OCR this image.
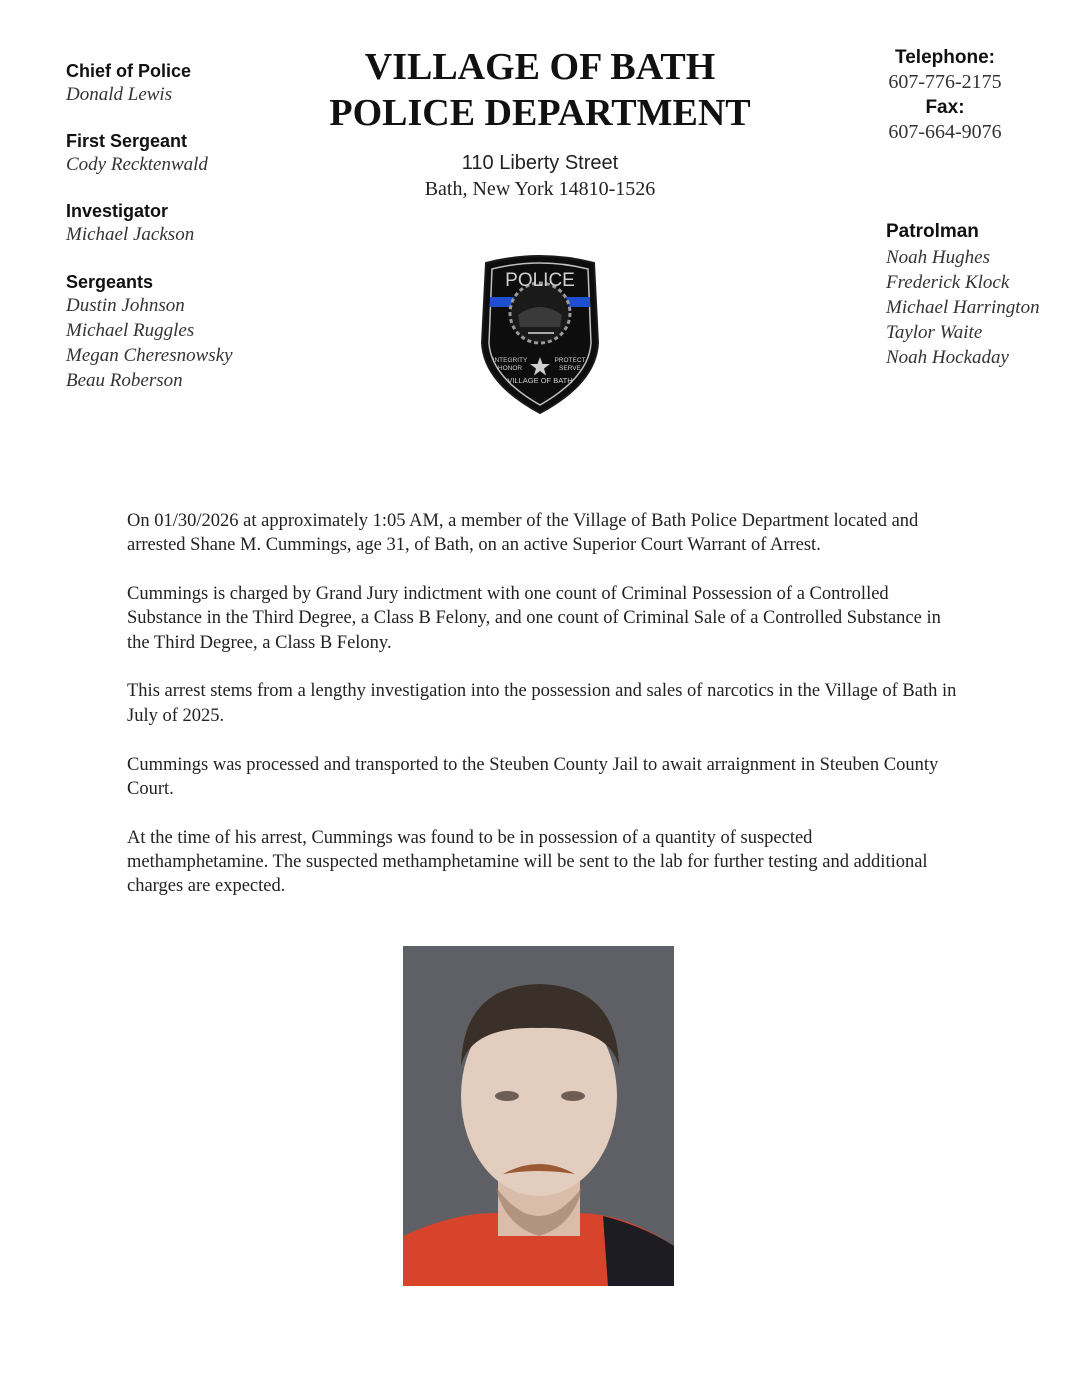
Chief of Police
Donald Lewis
First Sergeant
Cody Recktenwald
Investigator
Michael Jackson
Sergeants
Dustin Johnson
Michael Ruggles
Megan Cheresnowsky
Beau Roberson
VILLAGE OF BATH
POLICE DEPARTMENT
110 Liberty Street
Bath, New York 14810-1526
POLICE
INTEGRITY
HONOR
PROTECT
SERVE
VILLAGE OF BATH
Telephone:
607-776-2175
Fax:
607-664-9076
Patrolman
Noah Hughes
Frederick Klock
Michael Harrington
Taylor Waite
Noah Hockaday

On 01/30/2026 at approximately 1:05 AM, a member of the Village of Bath Police Department located and arrested Shane M. Cummings, age 31, of Bath, on an active Superior Court Warrant of Arrest.

Cummings is charged by Grand Jury indictment with one count of Criminal Possession of a Controlled Substance in the Third Degree, a Class B Felony, and one count of Criminal Sale of a Controlled Substance in the Third Degree, a Class B Felony.

This arrest stems from a lengthy investigation into the possession and sales of narcotics in the Village of Bath in July of 2025.

Cummings was processed and transported to the Steuben County Jail to await arraignment in Steuben County Court.

At the time of his arrest, Cummings was found to be in possession of a quantity of suspected methamphetamine. The suspected methamphetamine will be sent to the lab for further testing and additional charges are expected.
